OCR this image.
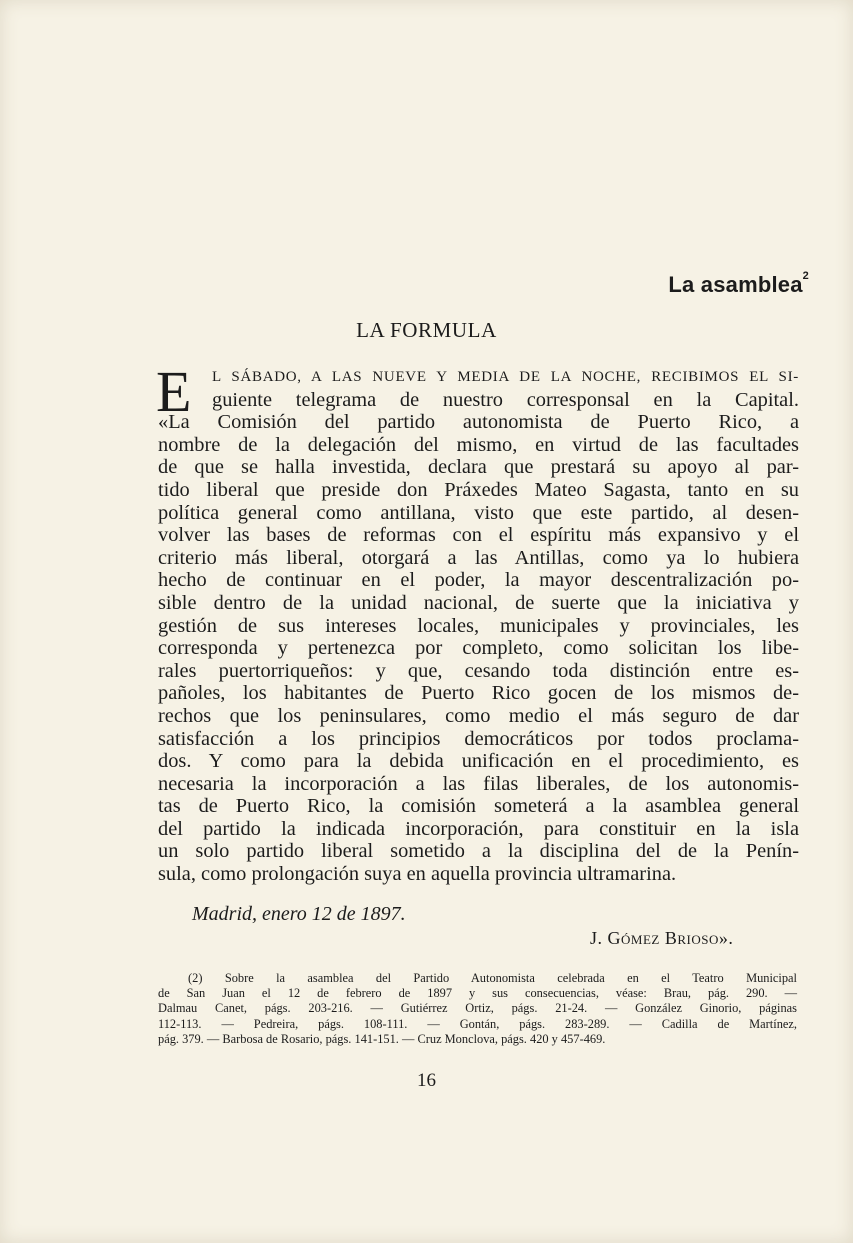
La asamblea$^2$
LA FORMULA
E	L SÁBADO, A LAS NUEVE Y MEDIA DE LA NOCHE, RECIBIMOS EL SI-
guiente telegrama de nuestro corresponsal en la Capital.
«La Comisión del partido autonomista de Puerto Rico, a
nombre de la delegación del mismo, en virtud de las facultades
de que se halla investida, declara que prestará su apoyo al par-
tido liberal que preside don Práxedes Mateo Sagasta, tanto en su
política general como antillana, visto que este partido, al desen-
volver las bases de reformas con el espíritu más expansivo y el
criterio más liberal, otorgará a las Antillas, como ya lo hubiera
hecho de continuar en el poder, la mayor descentralización po-
sible dentro de la unidad nacional, de suerte que la iniciativa y
gestión de sus intereses locales, municipales y provinciales, les
corresponda y pertenezca por completo, como solicitan los libe-
rales puertorriqueños: y que, cesando toda distinción entre es-
pañoles, los habitantes de Puerto Rico gocen de los mismos de-
rechos que los peninsulares, como medio el más seguro de dar
satisfacción a los principios democráticos por todos proclama-
dos. Y como para la debida unificación en el procedimiento, es
necesaria la incorporación a las filas liberales, de los autonomis-
tas de Puerto Rico, la comisión someterá a la asamblea general
del partido la indicada incorporación, para constituir en la isla
un solo partido liberal sometido a la disciplina del de la Penín-
sula, como prolongación suya en aquella provincia ultramarina.
Madrid, enero 12 de 1897.
J. Gómez Brioso».
(2) Sobre la asamblea del Partido Autonomista celebrada en el Teatro Municipal
de San Juan el 12 de febrero de 1897 y sus consecuencias, véase: Brau, pág. 290. —
Dalmau Canet, págs. 203-216. — Gutiérrez Ortiz, págs. 21-24. — González Ginorio, páginas
112-113. — Pedreira, págs. 108-111. — Gontán, págs. 283-289. — Cadilla de Martínez,
pág. 379. — Barbosa de Rosario, págs. 141-151. — Cruz Monclova, págs. 420 y 457-469.
16
